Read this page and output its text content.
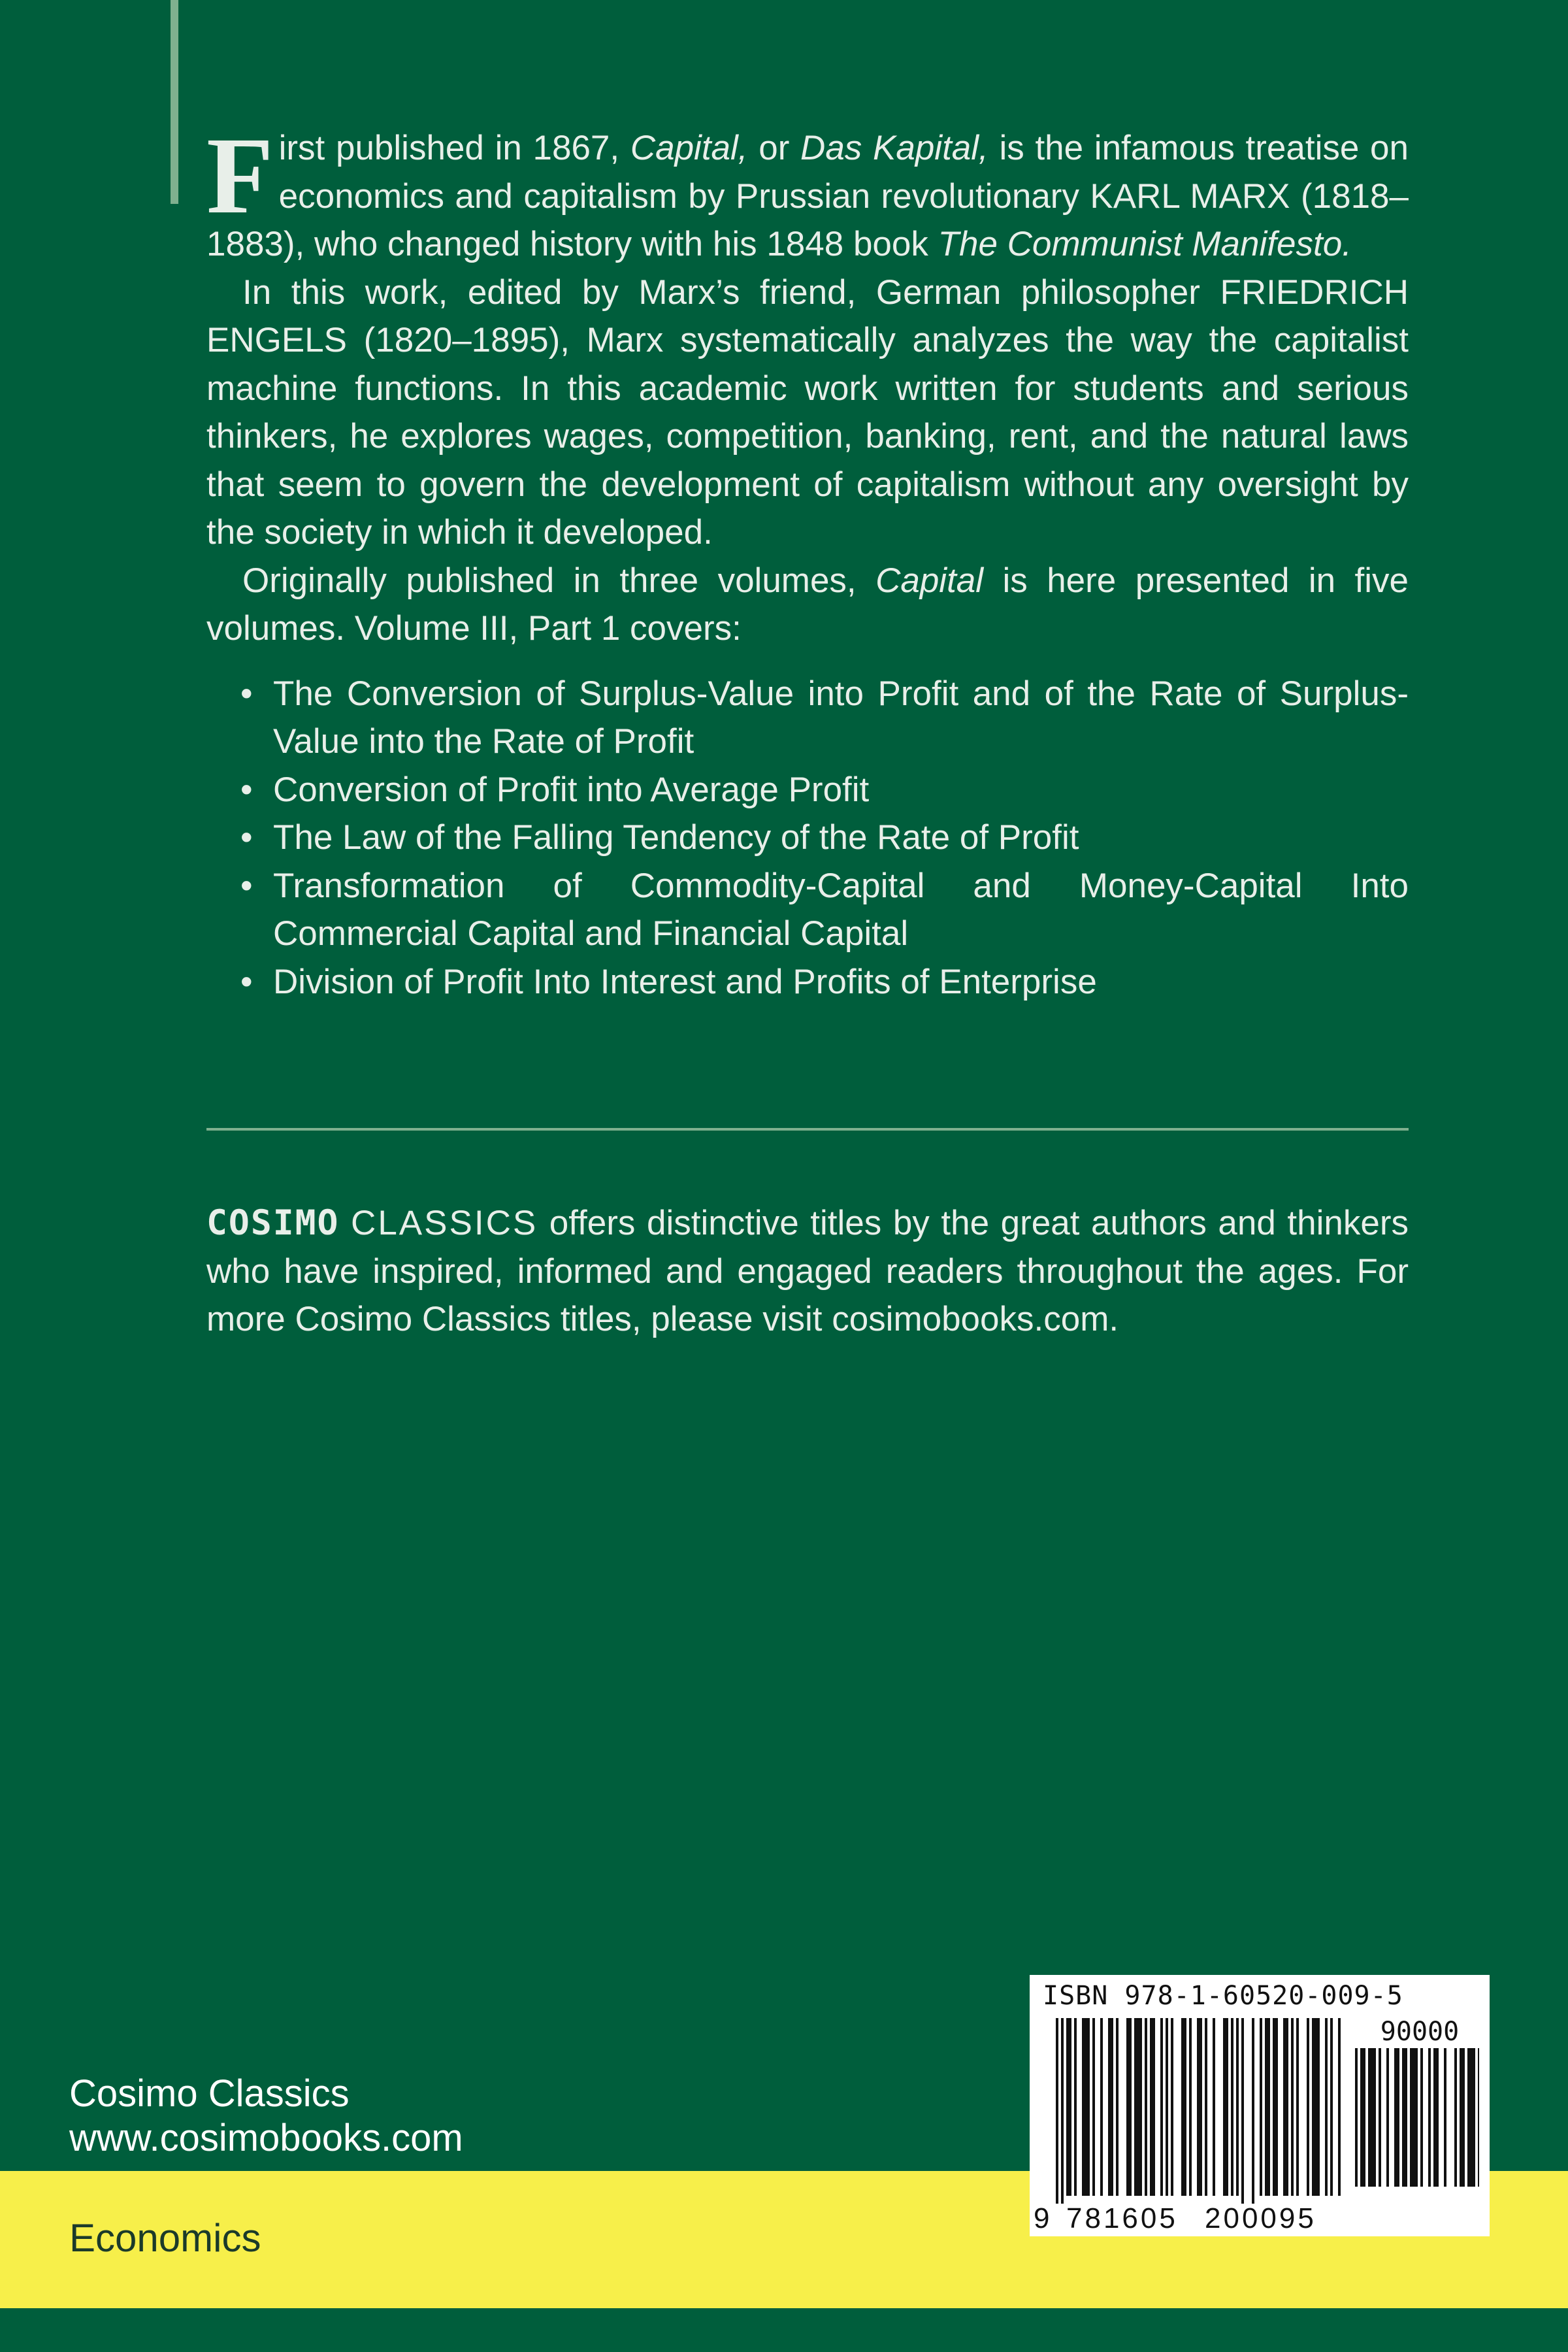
First published in 1867, Capital, or Das Kapital, is the infamous treatise on economics and capitalism by Prussian revolutionary KARL MARX (1818–1883), who changed history with his 1848 book The Communist Manifesto.

In this work, edited by Marx’s friend, German philosopher FRIEDRICH ENGELS (1820–1895), Marx systematically analyzes the way the capitalist machine functions. In this academic work written for students and serious thinkers, he explores wages, competition, banking, rent, and the natural laws that seem to govern the development of capitalism without any oversight by the society in which it developed.

Originally published in three volumes, Capital is here presented in five volumes. Volume III, Part 1 covers:

• The Conversion of Surplus-Value into Profit and of the Rate of Surplus-Value into the Rate of Profit
• Conversion of Profit into Average Profit
• The Law of the Falling Tendency of the Rate of Profit
• Transformation of Commodity-Capital and Money-Capital Into Commercial Capital and Financial Capital
• Division of Profit Into Interest and Profits of Enterprise

COSIMO CLASSICS offers distinctive titles by the great authors and thinkers who have inspired, informed and engaged readers throughout the ages. For more Cosimo Classics titles, please visit cosimobooks.com.

Cosimo Classics
www.cosimobooks.com
Economics
ISBN 978-1-60520-009-5
90000
9 781605 200095
